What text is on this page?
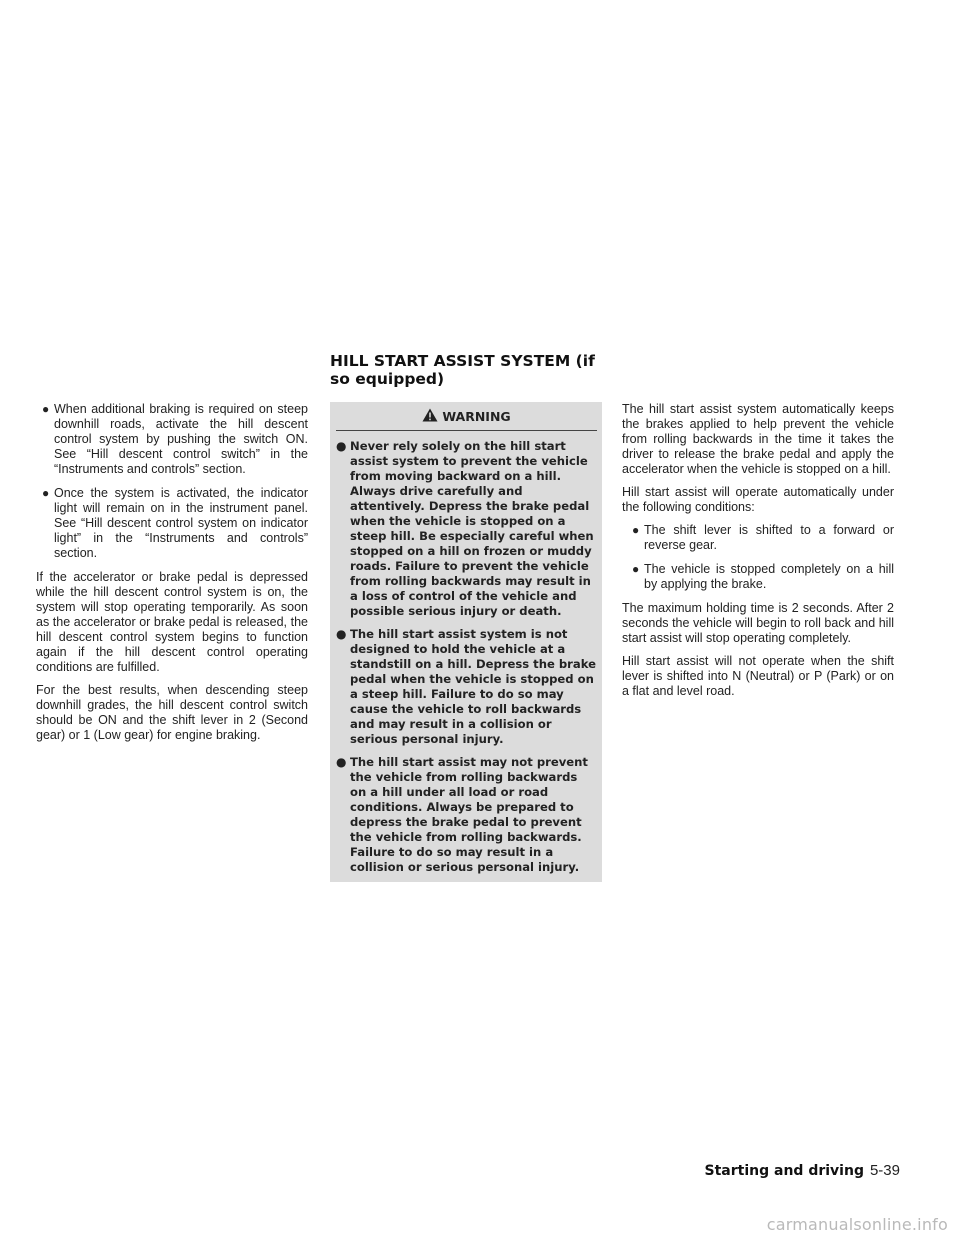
HILL START ASSIST SYSTEM (if so equipped)
● When additional braking is required on steep downhill roads, activate the hill descent control system by pushing the switch ON. See “Hill descent control switch” in the “Instruments and controls” section.
● Once the system is activated, the indicator light will remain on in the instrument panel. See “Hill descent control system on indicator light” in the “Instruments and controls” section.

If the accelerator or brake pedal is depressed while the hill descent control system is on, the system will stop operating temporarily. As soon as the accelerator or brake pedal is released, the hill descent control system begins to function again if the hill descent control operating conditions are fulfilled.

For the best results, when descending steep downhill grades, the hill descent control switch should be ON and the shift lever in 2 (Second gear) or 1 (Low gear) for engine braking.

WARNING
● Never rely solely on the hill start assist system to prevent the vehicle from moving backward on a hill. Always drive carefully and attentively. Depress the brake pedal when the vehicle is stopped on a steep hill. Be especially careful when stopped on a hill on frozen or muddy roads. Failure to prevent the vehicle from rolling backwards may result in a loss of control of the vehicle and possible serious injury or death.
● The hill start assist system is not designed to hold the vehicle at a standstill on a hill. Depress the brake pedal when the vehicle is stopped on a steep hill. Failure to do so may cause the vehicle to roll backwards and may result in a collision or serious personal injury.
● The hill start assist may not prevent the vehicle from rolling backwards on a hill under all load or road conditions. Always be prepared to depress the brake pedal to prevent the vehicle from rolling backwards. Failure to do so may result in a collision or serious personal injury.

The hill start assist system automatically keeps the brakes applied to help prevent the vehicle from rolling backwards in the time it takes the driver to release the brake pedal and apply the accelerator when the vehicle is stopped on a hill.

Hill start assist will operate automatically under the following conditions:

● The shift lever is shifted to a forward or reverse gear.
● The vehicle is stopped completely on a hill by applying the brake.

The maximum holding time is 2 seconds. After 2 seconds the vehicle will begin to roll back and hill start assist will stop operating completely.

Hill start assist will not operate when the shift lever is shifted into N (Neutral) or P (Park) or on a flat and level road.

Starting and driving 5-39
carmanualsonline.info
